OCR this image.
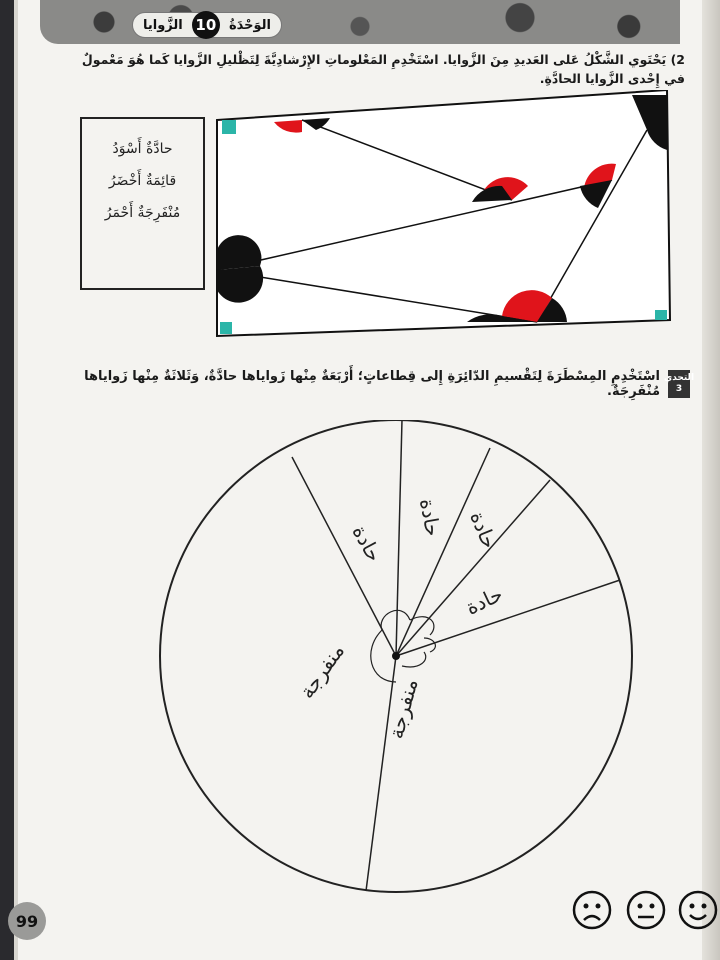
الزَّوايا 10 الوَحْدَةُ
2) يَحْتَوي الشَّكْلُ عَلى العَديدِ مِنَ الزَّوايا. اسْتَخْدِمِ المَعْلوماتِ الإِرْشادِيَّةَ لِتَظْليلِ الزَّوايا كَما هُوَ مَعْمولٌ في إِحْدى الزَّوايا الحادَّةِ.
حادَّةٌ أَسْوَدُ
قائِمَةٌ أَخْضَرُ
مُنْفَرِجَةٌ أَحْمَرُ
التحدي
3
اسْتَخْدِمِ المِسْطَرَةَ لِتَقْسيمِ الدّائِرَةِ إِلى قِطاعاتٍ؛ أَرْبَعَةٌ مِنْها زَواياها حادَّةٌ، وَثَلاثَةٌ مِنْها زَواياها مُنْفَرِجَةٌ.
حادة
حادة حادة
حادة
منفرجة
منفرجة
99
